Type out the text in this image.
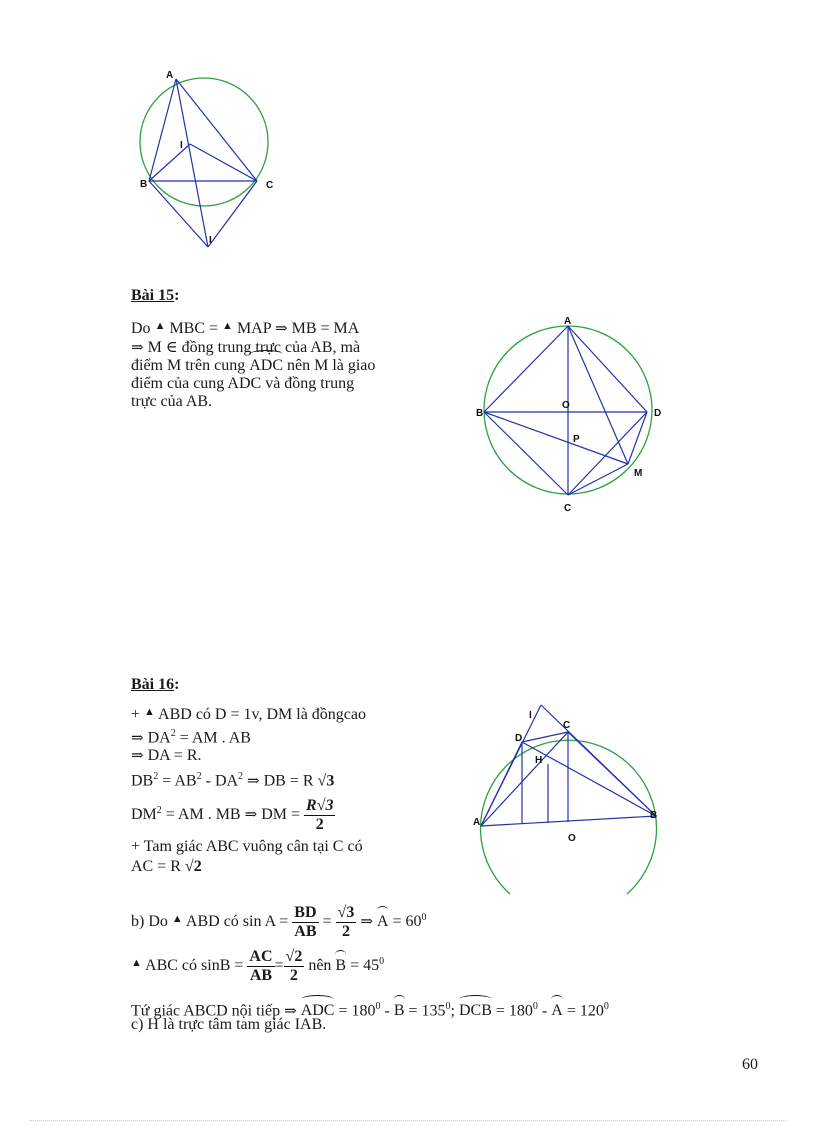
A
B	C
I
I
Bài 15:
Do ▲ MBC = ▲ MAP ⇒ MB = MA
⇒ M ∈ đồng trung trực của AB, mà
điểm M trên cung ADC nên M là giao
điểm của cung ADC và đồng trung
trực của AB.
A
B	D
O
P
M
C
Bài 16:
+ ▲ ABD có D = 1v, DM là đồngcao
⇒ $DA^2$ = AM . AB
⇒ DA = R.
$DB^2 = AB^2 - DA^2$ ⇒ DB = R √3
$DM^2$ = AM . MB ⇒ DM = $\frac{R√3}{2}$
+ Tam giác ABC vuông cân tại C có
AC = R √2
A
B
C
D
H
I
O
b) Do ▲ ABD có $\sin A = \frac{BD}{AB} = \frac{√3}{2}$ ⇒ $A = 60^0$
▲ ABC có $\sin B = \frac{AC}{AB} = \frac{√2}{2}$ nên $B = 45^0$
Tứ giác ABCD nội tiếp ⇒ ADC = $180^0 - B = 135^0$; DCB = $180^0 - A = 120^0$
c) H là trực tâm tam giác IAB.
60
